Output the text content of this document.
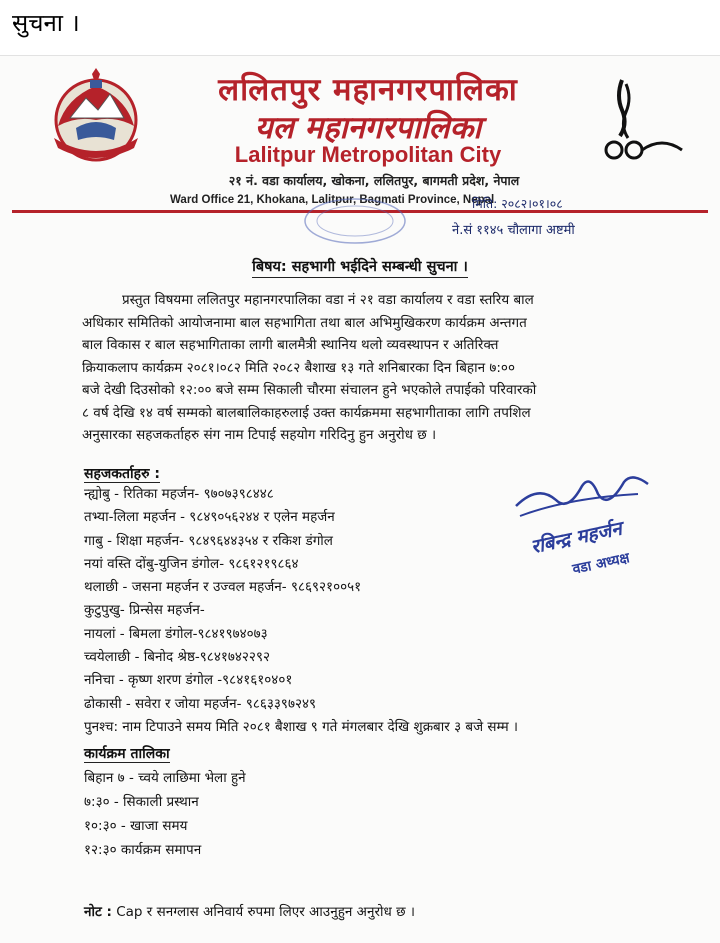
सुचना ।
ललितपुर महानगरपालिका
यल महानगरपालिका
Lalitpur Metropolitan City
२१ नं. वडा कार्यालय, खोकना, ललितपुर, बागमती प्रदेश, नेपाल
Ward Office 21, Khokana, Lalitpur, Bagmati Province, Nepal
मिति: २०८२।०१।०८
ने.सं ११४५ चौलागा अष्टमी
बिषय: सहभागी भईदिने सम्बन्धी सुचना ।
प्रस्तुत विषयमा ललितपुर महानगरपालिका वडा नं २१ वडा कार्यालय र वडा स्तरिय बाल
अधिकार समितिको आयोजनामा बाल सहभागिता तथा बाल अभिमुखिकरण कार्यक्रम अन्तगत
बाल विकास र बाल सहभागिताका लागी बालमैत्री स्थानिय थलो व्यवस्थापन र अतिरिक्त
क्रियाकलाप कार्यक्रम २०८१।०८२ मिति २०८२ बैशाख १३ गते शनिबारका दिन बिहान ७:००
बजे देखी दिउसोको १२:०० बजे सम्म सिकाली चौरमा संचालन हुने भएकोले तपाईको परिवारको
८ वर्ष देखि १४ वर्ष सम्मको बालबालिकाहरुलाई उक्त कार्यक्रममा सहभागीताका लागि तपशिल
अनुसारका सहजकर्ताहरु संग नाम टिपाई सहयोग गरिदिनु हुन अनुरोध छ ।
सहजकर्ताहरु :
न्ह्योबु - रितिका महर्जन- ९७०७३९८४४८
तभ्या-लिला महर्जन - ९८४९०५६२४४ र एलेन महर्जन
गाबु - शिक्षा महर्जन- ९८४९६४४३५४ र रकिश डंगोल
नयां वस्ति दोंबु-युजिन डंगोल- ९८६१२१९८६४
थलाछी - जसना महर्जन र उज्वल महर्जन- ९८६९२१००५१
कुटुपुखु- प्रिन्सेस महर्जन-
नायलां - बिमला डंगोल-९८४१९७४०७३
च्वयेलाछी - बिनोद श्रेष्ठ-९८४१७४२२९२
ननिचा - कृष्ण शरण डंगोल -९८४१६१०४०१
ढोकासी - सवेरा र जोया महर्जन- ९८६३३९७२४९
पुनश्च: नाम टिपाउने समय मिति २०८१ बैशाख ९ गते मंगलबार देखि शुक्रबार ३ बजे सम्म ।
रबिन्द्र महर्जन
वडा अध्यक्ष
कार्यक्रम तालिका
बिहान ७ - च्वये लाछिमा भेला हुने
७:३० - सिकाली प्रस्थान
१०:३० - खाजा समय
१२:३० कार्यक्रम समापन
नोट : Cap र सनग्लास अनिवार्य रुपमा लिएर आउनुहुन अनुरोध छ ।
